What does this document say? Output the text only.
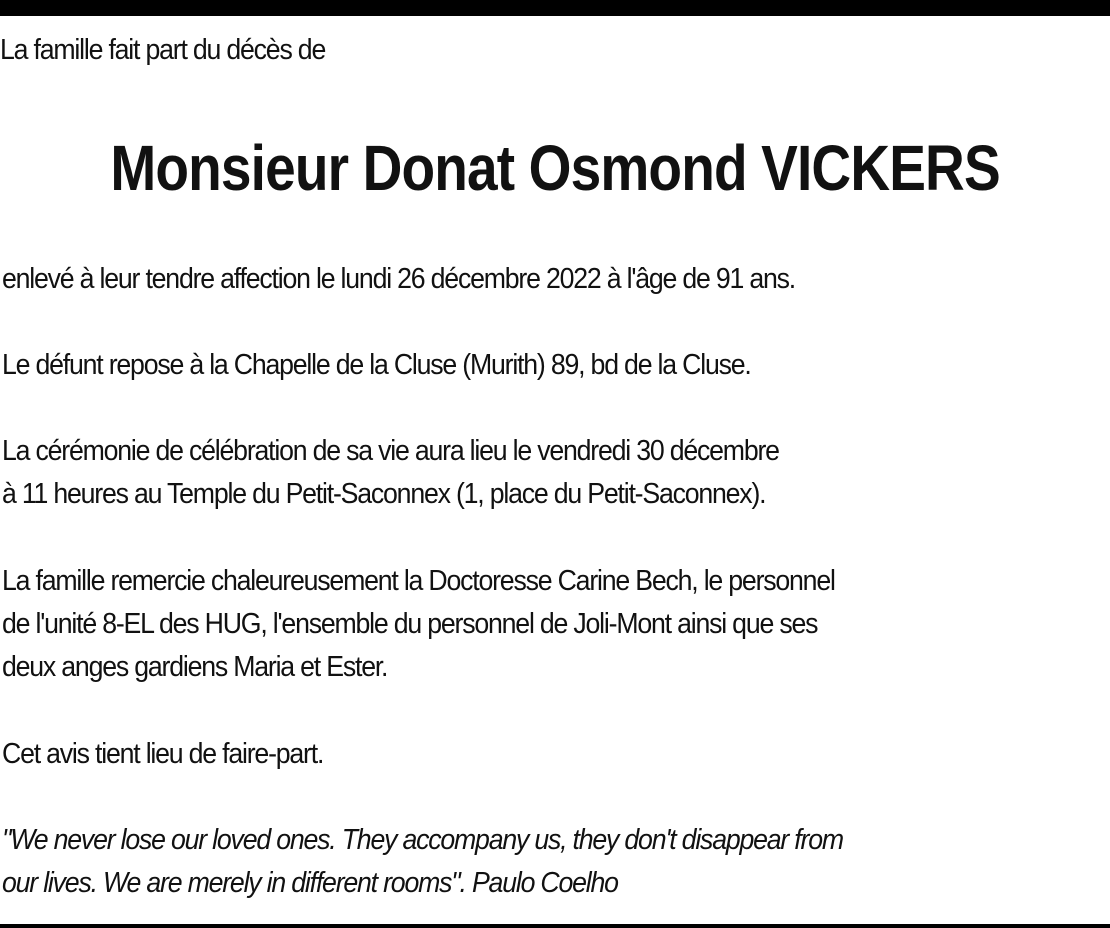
La famille fait part du décès de
Monsieur Donat Osmond VICKERS
enlevé à leur tendre affection le lundi 26 décembre 2022 à l'âge de 91 ans.
Le défunt repose à la Chapelle de la Cluse (Murith) 89, bd de la Cluse.
La cérémonie de célébration de sa vie aura lieu le vendredi 30 décembre
à 11 heures au Temple du Petit-Saconnex (1, place du Petit-Saconnex).
La famille remercie chaleureusement la Doctoresse Carine Bech, le personnel
de l'unité 8-EL des HUG, l'ensemble du personnel de Joli-Mont ainsi que ses
deux anges gardiens Maria et Ester.
Cet avis tient lieu de faire-part.
"We never lose our loved ones. They accompany us, they don't disappear from
our lives. We are merely in different rooms". Paulo Coelho
